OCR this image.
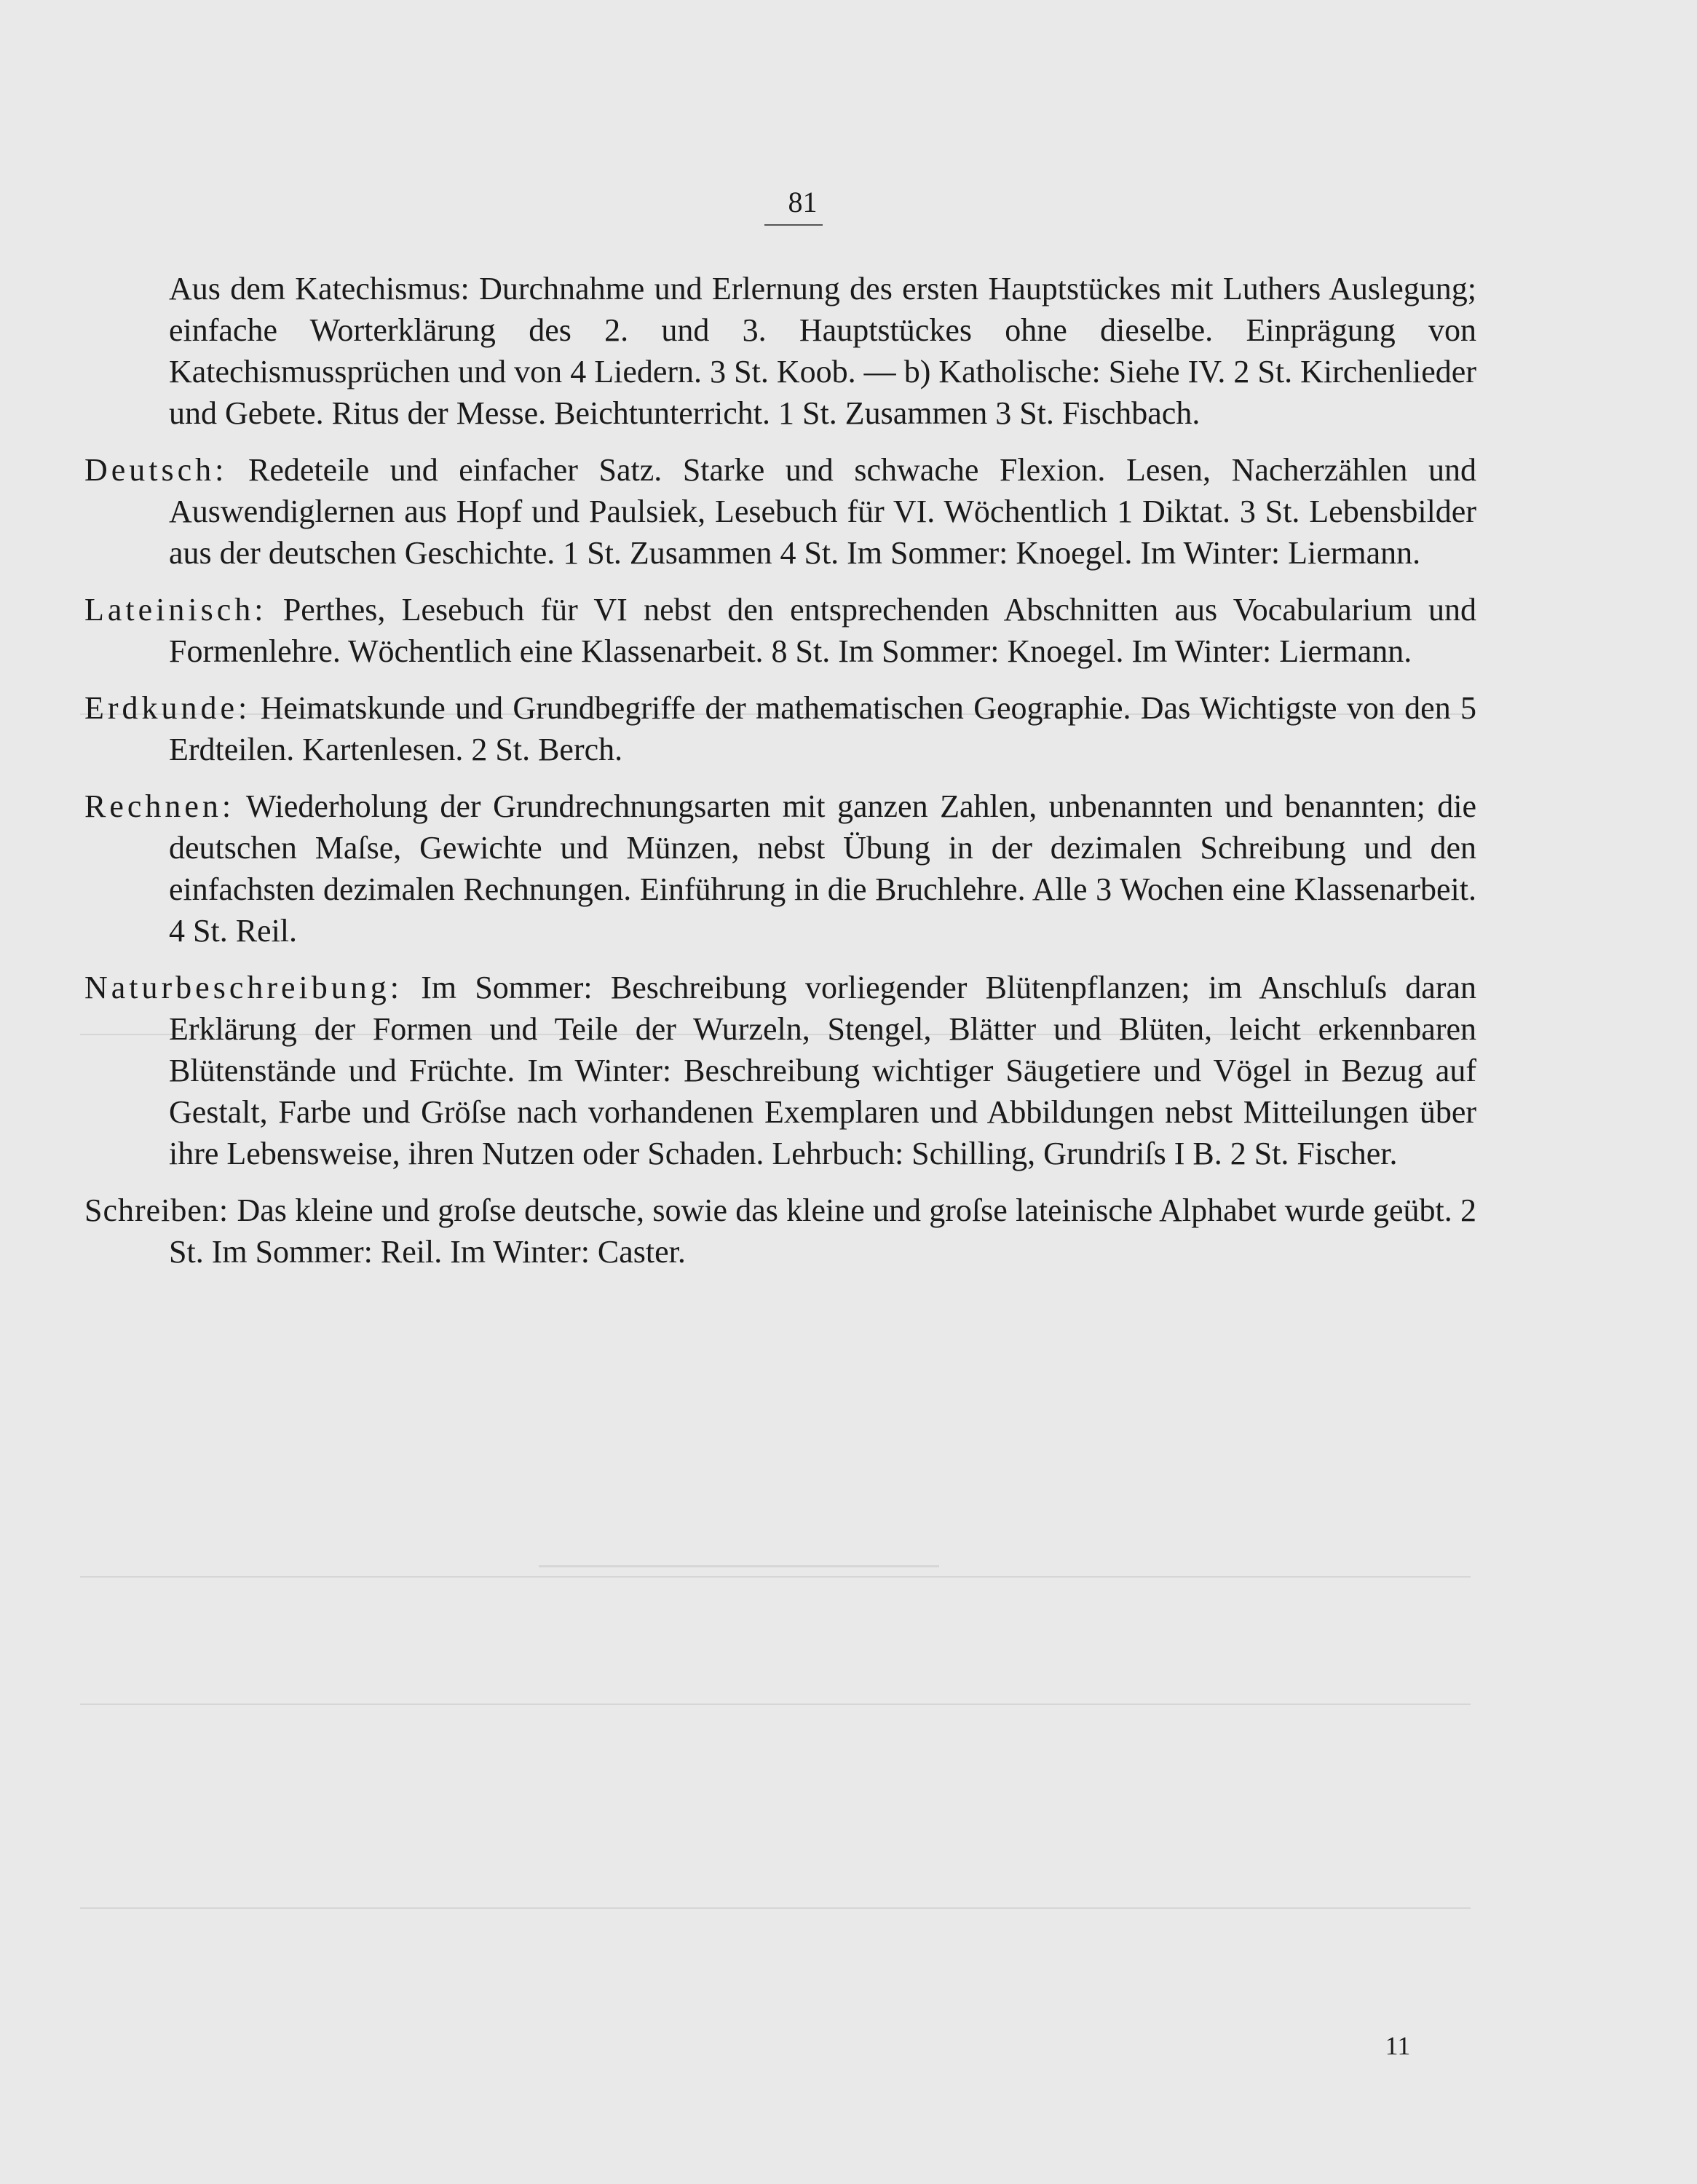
81

Aus dem Katechismus: Durchnahme und Erlernung des ersten Hauptstückes mit Luthers Auslegung; einfache Worterklärung des 2. und 3. Hauptstückes ohne dieselbe. Einprägung von Katechismussprüchen und von 4 Liedern. 3 St. Koob. — b) Katholische: Siehe IV. 2 St. Kirchenlieder und Gebete. Ritus der Messe. Beichtunterricht. 1 St. Zusammen 3 St. Fischbach.

Deutsch: Redeteile und einfacher Satz. Starke und schwache Flexion. Lesen, Nacherzählen und Auswendiglernen aus Hopf und Paulsiek, Lesebuch für VI. Wöchentlich 1 Diktat. 3 St. Lebensbilder aus der deutschen Geschichte. 1 St. Zusammen 4 St. Im Sommer: Knoegel. Im Winter: Liermann.

Lateinisch: Perthes, Lesebuch für VI nebst den entsprechenden Abschnitten aus Vocabularium und Formenlehre. Wöchentlich eine Klassenarbeit. 8 St. Im Sommer: Knoegel. Im Winter: Liermann.

Erdkunde: Heimatskunde und Grundbegriffe der mathematischen Geographie. Das Wichtigste von den 5 Erdteilen. Kartenlesen. 2 St. Berch.

Rechnen: Wiederholung der Grundrechnungsarten mit ganzen Zahlen, unbenannten und benannten; die deutschen Maſse, Gewichte und Münzen, nebst Übung in der dezimalen Schreibung und den einfachsten dezimalen Rechnungen. Einführung in die Bruchlehre. Alle 3 Wochen eine Klassenarbeit. 4 St. Reil.

Naturbeschreibung: Im Sommer: Beschreibung vorliegender Blütenpflanzen; im Anschluſs daran Erklärung der Formen und Teile der Wurzeln, Stengel, Blätter und Blüten, leicht erkennbaren Blütenstände und Früchte. Im Winter: Beschreibung wichtiger Säugetiere und Vögel in Bezug auf Gestalt, Farbe und Gröſse nach vorhandenen Exemplaren und Abbildungen nebst Mitteilungen über ihre Lebensweise, ihren Nutzen oder Schaden. Lehrbuch: Schilling, Grundriſs I B. 2 St. Fischer.

Schreiben: Das kleine und groſse deutsche, sowie das kleine und groſse lateinische Alphabet wurde geübt. 2 St. Im Sommer: Reil. Im Winter: Caster.

11
